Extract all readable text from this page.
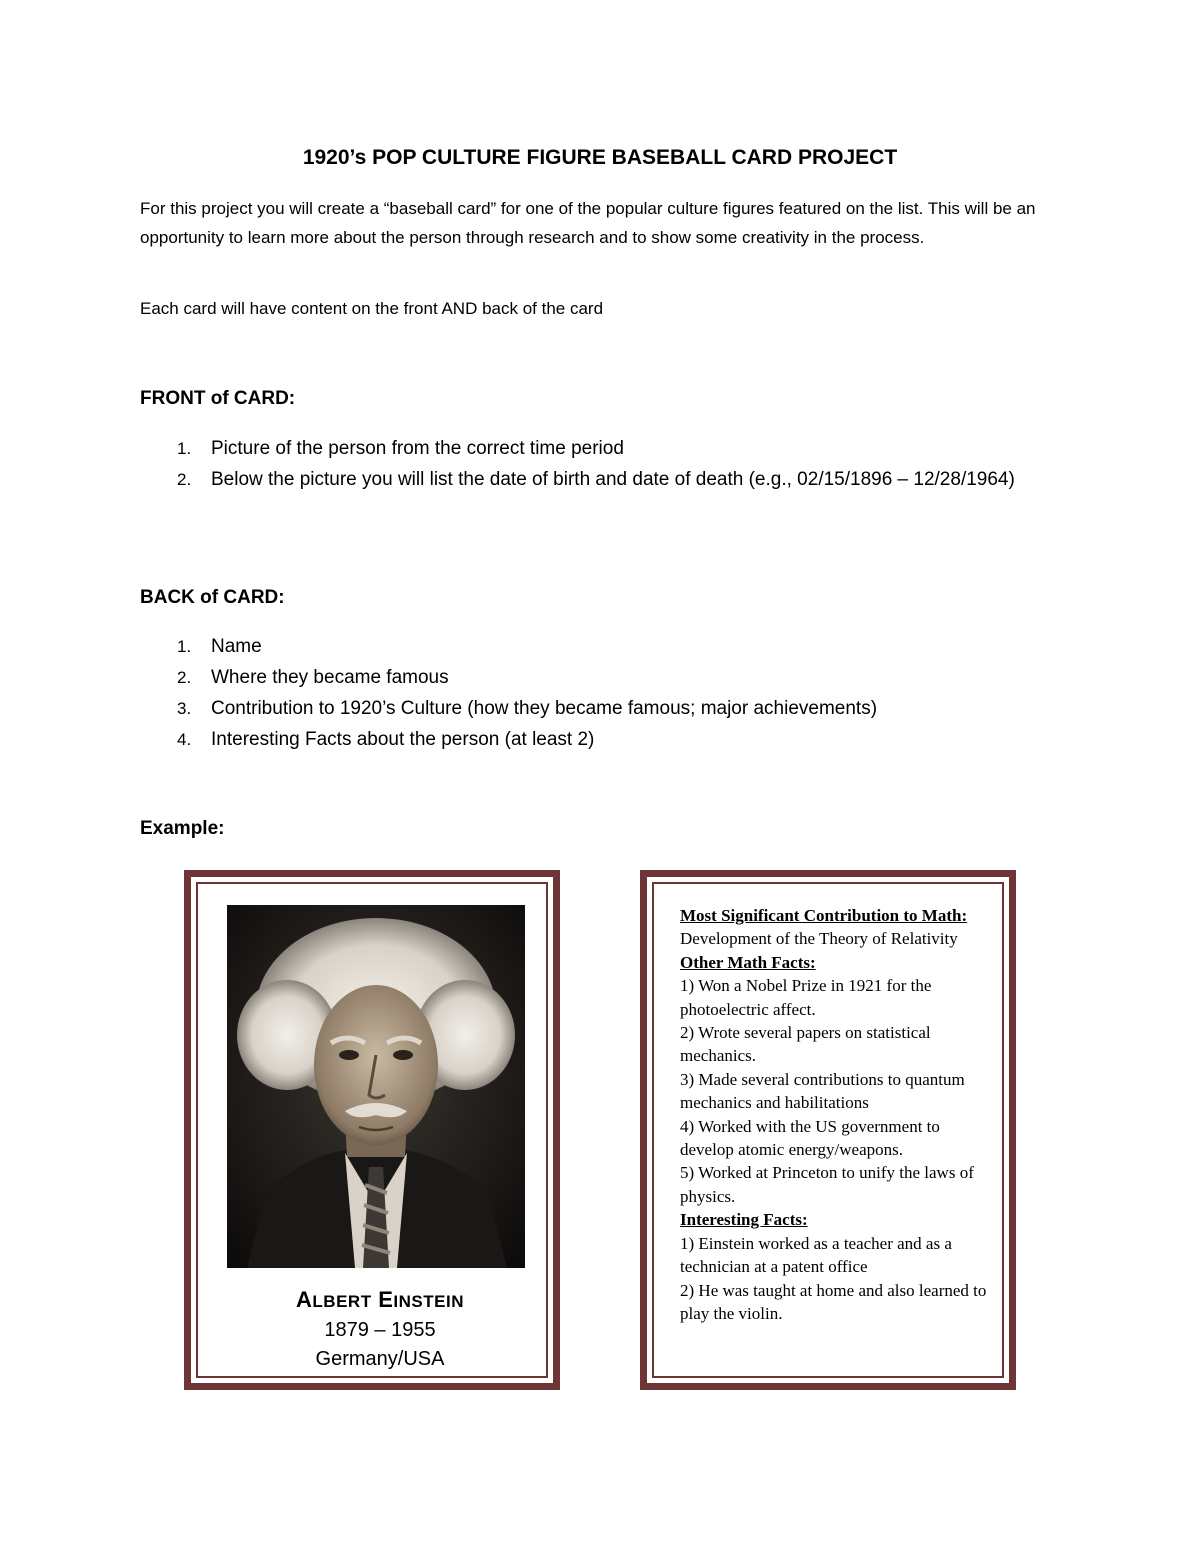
1920’s POP CULTURE FIGURE BASEBALL CARD PROJECT

For this project you will create a “baseball card” for one of the popular culture figures featured on the list. This will be an opportunity to learn more about the person through research and to show some creativity in the process.

Each card will have content on the front AND back of the card

FRONT of CARD:
1. Picture of the person from the correct time period
2. Below the picture you will list the date of birth and date of death (e.g., 02/15/1896 – 12/28/1964)
BACK of CARD:
1. Name
2. Where they became famous
3. Contribution to 1920’s Culture (how they became famous; major achievements)
4. Interesting Facts about the person (at least 2)
Example:
ALBERT EINSTEIN
1879 – 1955
Germany/USA
Most Significant Contribution to Math:
Development of the Theory of Relativity
Other Math Facts:
1) Won a Nobel Prize in 1921 for the photoelectric affect.
2) Wrote several papers on statistical mechanics.
3) Made several contributions to quantum mechanics and habilitations
4) Worked with the US government to develop atomic energy/weapons.
5) Worked at Princeton to unify the laws of physics.
Interesting Facts:
1) Einstein worked as a teacher and as a technician at a patent office
2) He was taught at home and also learned to play the violin.
